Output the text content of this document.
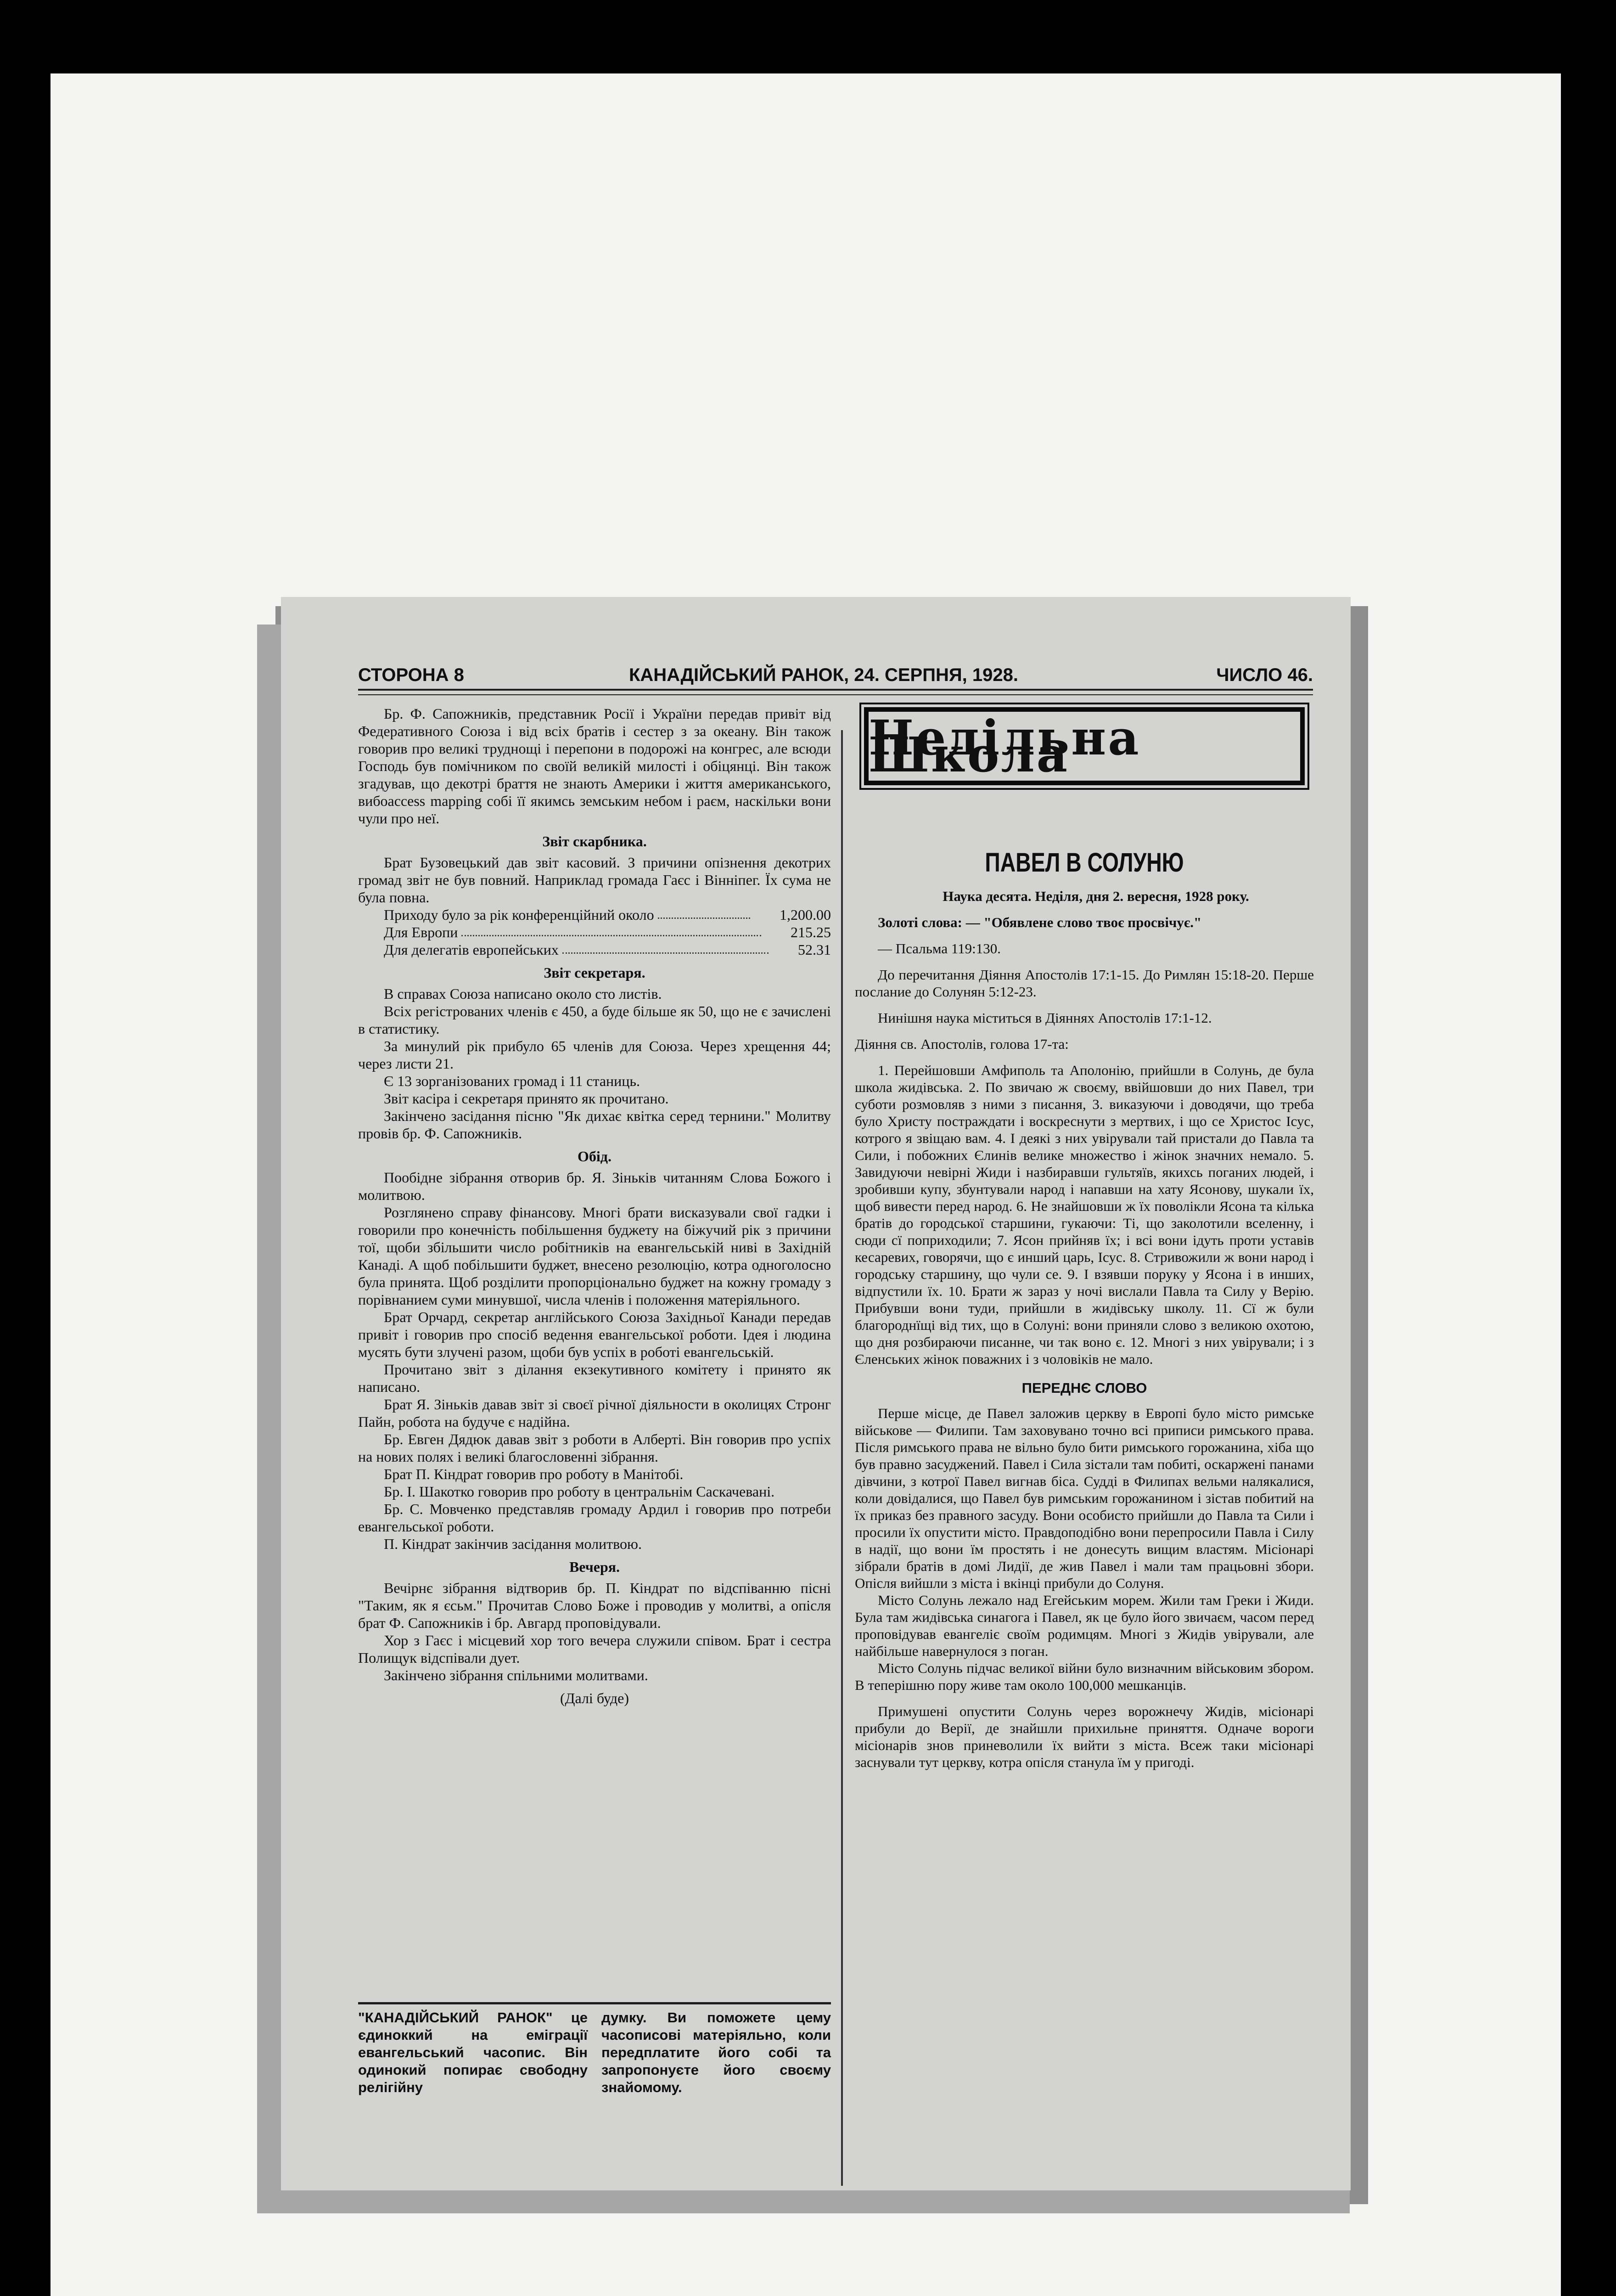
СТОРОНА 8	КАНАДІЙСЬКИЙ РАНОК, 24. СЕРПНЯ, 1928.	ЧИСЛО 46.

Бр. Ф. Сапожників, представник Росії і України передав привіт від Федеративного Союза і від всіх братів і сестер з за океану. Він також говорив про великі труднощі і перепони в подорожі на конгрес, але всюди Господь був помічником по своїй великій милості і обіцянці. Він також згадував, що декотрі браття не знають Америки і життя американського, вибоaccess mapping собі її якимсь земським небом і раєм, наскільки вони чули про неї.

Звіт скарбника.

Брат Бузовецький дав звіт касовий. З причини опізнення декотрих громад звіт не був повний. Наприклад громада Гаєс і Вінніпег. Їх сума не була повна.

Приходу було за рік конференційний около	1,200.00

Для Европи	215.25

Для делегатів европейських	52.31

Звіт секретаря.

В справах Союза написано около сто листів.

Всіх регістрованих членів є 450, а буде більше як 50, що не є зачислені в статистику.

За минулий рік прибуло 65 членів для Союза. Через хрещення 44; через листи 21.

Є 13 зорганізованих громад і 11 станиць.

Звіт касіра і секретаря принято як прочитано.

Закінчено засідання пісню "Як дихає квітка серед тернини." Молитву провів бр. Ф. Сапожників.

Обід.

Пообідне зібрання отворив бр. Я. Зіньків читанням Слова Божого і молитвою.

Розглянено справу фінансову. Многі брати висказували свої гадки і говорили про конечність побільшення буджету на біжучий рік з причини тої, щоби збільшити число робітників на евангельській ниві в Західній Канаді. А щоб побільшити буджет, внесено резолюцію, котра одноголосно була принята. Щоб розділити пропорціонально буджет на кожну громаду з порівнанием суми минувшої, числа членів і положення матеріяльного.

Брат Орчард, секретар англійського Союза Західньої Канади передав привіт і говорив про спосіб ведення евангельської роботи. Ідея і людина мусять бути злучені разом, щоби був успіх в роботі евангельській.

Прочитано звіт з ділання екзекутивного комітету і принято як написано.

Брат Я. Зіньків давав звіт зі своєї річної діяльности в околицях Стронг Пайн, робота на будуче є надійна.

Бр. Евген Дядюк давав звіт з роботи в Алберті. Він говорив про успіх на нових полях і великі благословенні зібрання.

Брат П. Кіндрат говорив про роботу в Манітобі.

Бр. І. Шакотко говорив про роботу в центральнім Саскачевані.

Бр. С. Мовченко представляв громаду Ардил і говорив про потреби евангельської роботи.

П. Кіндрат закінчив засідання молитвою.

Вечеря.

Вечірнє зібрання відтворив бр. П. Кіндрат по відспіванню пісні "Таким, як я єсьм." Прочитав Слово Боже і проводив у молитві, а опісля брат Ф. Сапожників і бр. Авгард проповідували.

Хор з Гаєс і місцевий хор того вечера служили співом. Брат і сестра Полищук відспівали дует.

Закінчено зібрання спільними молитвами.

(Далі буде)
"КАНАДІЙСЬКИЙ РАНОК" це єдиноккий на еміграції евангельський часопис. Він одинокий попирає свободну релігійну
думку. Ви поможете цему часописові матеріяльно, коли передплатите його собі та запропонуєте його своєму знайомому.
Недільна Школа
ПАВЕЛ В СОЛУНЮ

Наука десята. Неділя, дня 2. вересня, 1928 року.

Золоті слова: — "Обявлене слово твоє просвічує."

— Псальма 119:130.

До перечитання Діяння Апостолів 17:1-15. До Римлян 15:18-20. Перше послание до Солунян 5:12-23.

Нинішня наука міститься в Діяннях Апостолів 17:1-12.

Діяння св. Апостолів, голова 17-та:

1. Перейшовши Амфиполь та Аполонію, прийшли в Солунь, де була школа жидівська. 2. По звичаю ж своєму, ввійшовши до них Павел, три суботи розмовляв з ними з писання, 3. виказуючи і доводячи, що треба було Христу постраждати і воскреснути з мертвих, і що се Христос Ісус, котрого я звіщаю вам. 4. І деякі з них увірували тай пристали до Павла та Сили, і побожних Єлинів велике множество і жінок значних немало. 5. Завидуючи невірні Жиди і назбиравши гультяїв, якихсь поганих людей, і зробивши купу, збунтували народ і напавши на хату Ясонову, шукали їх, щоб вивести перед народ. 6. Не знайшовши ж їх поволікли Ясона та кілька братів до городської старшини, гукаючи: Ті, що заколотили вселенну, і сюди сї поприходили; 7. Ясон прийняв їх; і всі вони ідуть проти уставів кесаревих, говорячи, що є инший царь, Ісус. 8. Стривожили ж вони народ і городську старшину, що чули се. 9. І взявши поруку у Ясона і в инших, відпустили їх. 10. Брати ж зараз у ночі вислали Павла та Силу у Верію. Прибувши вони туди, прийшли в жидівську школу. 11. Сї ж були благороднїщі від тих, що в Солуні: вони приняли слово з великою охотою, що дня розбираючи писанне, чи так воно є. 12. Многі з них увірували; і з Єленських жінок поважних і з чоловіків не мало.

ПЕРЕДНЄ СЛОВО

Перше місце, де Павел заложив церкву в Европі було місто римське військове — Филипи. Там заховувано точно всі приписи римського права. Після римського права не вільно було бити римського горожанина, хіба що був правно засуджений. Павел і Сила зістали там побиті, оскаржені панами дівчини, з котрої Павел вигнав біса. Судді в Филипах вельми налякалися, коли довідалися, що Павел був римським горожанином і зістав побитий на їх приказ без правного засуду. Вони особисто прийшли до Павла та Сили і просили їх опустити місто. Правдоподібно вони перепросили Павла і Силу в надії, що вони їм простять і не донесуть вищим властям. Місіонарі зібрали братів в домі Лидії, де жив Павел і мали там працьовні збори. Опісля вийшли з міста і вкінці прибули до Солуня.

Місто Солунь лежало над Егейським морем. Жили там Греки і Жиди. Була там жидівська синагога і Павел, як це було його звичаєм, часом перед проповідував евангеліє своїм родимцям. Многі з Жидів увірували, але найбільше навернулося з поган.

Місто Солунь підчас великої війни було визначним військовим збором. В теперішню пору живе там около 100,000 мешканців.

Примушені опустити Солунь через ворожнечу Жидів, місіонарі прибули до Верії, де знайшли прихильне приняття. Одначе вороги місіонарів знов приневолили їх вийти з міста. Всеж таки місіонарі заснували тут церкву, котра опісля станула їм у пригоді.
